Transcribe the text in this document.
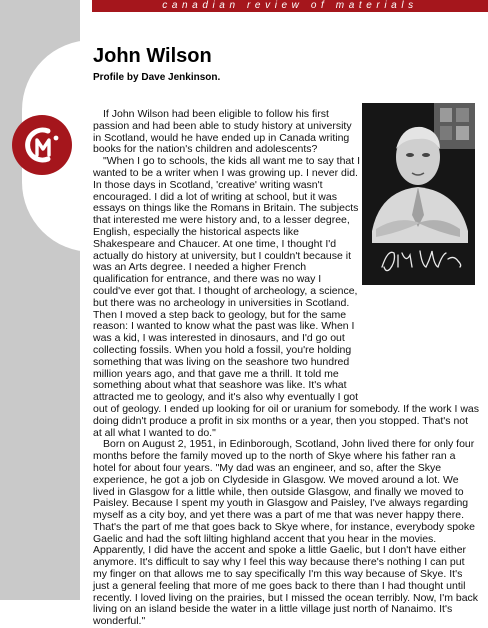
canadian review of materials
John Wilson
Profile by Dave Jenkinson.

If John Wilson had been eligible to follow his first passion and had been able to study history at university in Scotland, would he have ended up in Canada writing books for the nation's children and adolescents?

"When I go to schools, the kids all want me to say that I wanted to be a writer when I was growing up. I never did. In those days in Scotland, 'creative' writing wasn't encouraged. I did a lot of writing at school, but it was essays on things like the Romans in Britain. The subjects that interested me were history and, to a lesser degree, English, especially the historical aspects like Shakespeare and Chaucer. At one time, I thought I'd actually do history at university, but I couldn't because it was an Arts degree. I needed a higher French qualification for entrance, and there was no way I could've ever got that. I thought of archeology, a science, but there was no archeology in universities in Scotland. Then I moved a step back to geology, but for the same reason: I wanted to know what the past was like. When I was a kid, I was interested in dinosaurs, and I'd go out collecting fossils. When you hold a fossil, you're holding something that was living on the seashore two hundred million years ago, and that gave me a thrill. It told me something about what that seashore was like. It's what attracted me to geology, and it's also why eventually I got out of geology. I ended up looking for oil or uranium for somebody. If the work I was doing didn't produce a profit in six months or a year, then you stopped. That's not at all what I wanted to do."

Born on August 2, 1951, in Edinborough, Scotland, John lived there for only four months before the family moved up to the north of Skye where his father ran a hotel for about four years. "My dad was an engineer, and so, after the Skye experience, he got a job on Clydeside in Glasgow. We moved around a lot. We lived in Glasgow for a little while, then outside Glasgow, and finally we moved to Paisley. Because I spent my youth in Glasgow and Paisley, I've always regarding myself as a city boy, and yet there was a part of me that was never happy there. That's the part of me that goes back to Skye where, for instance, everybody spoke Gaelic and had the soft lilting highland accent that you hear in the movies. Apparently, I did have the accent and spoke a little Gaelic, but I don't have either anymore. It's difficult to say why I feel this way because there's nothing I can put my finger on that allows me to say specifically I'm this way because of Skye. It's just a general feeling that more of me goes back to there than I had thought until recently. I loved living on the prairies, but I missed the ocean terribly. Now, I'm back living on an island beside the water in a little village just north of Nanaimo. It's wonderful."
